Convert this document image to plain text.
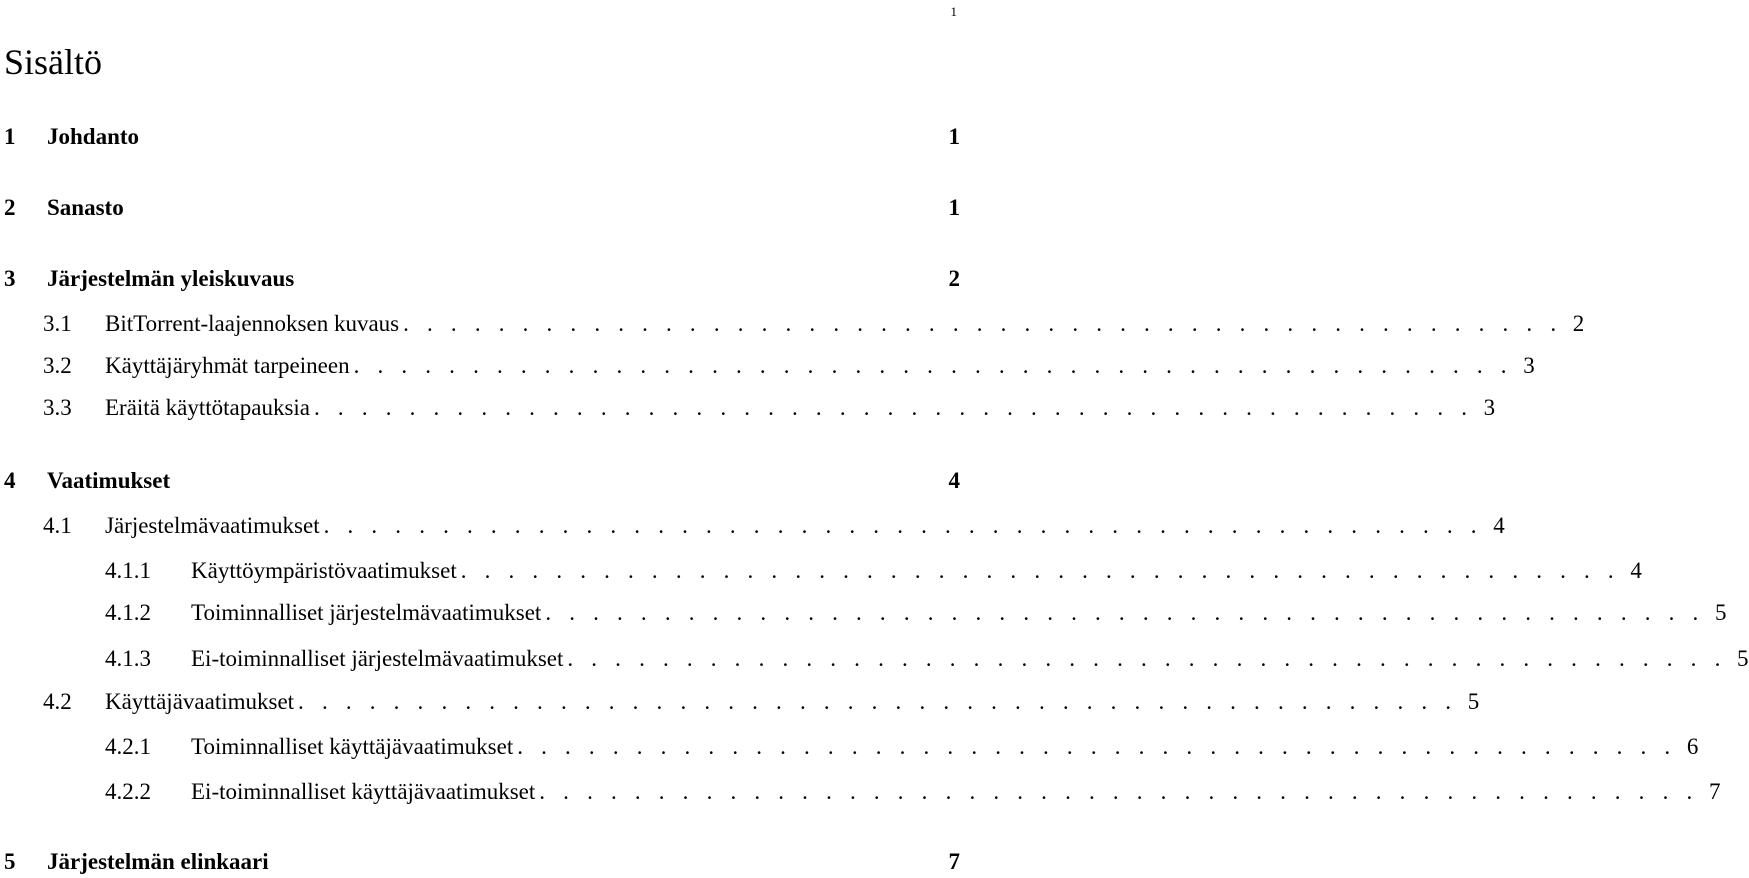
1
Sisältö
1	Johdanto	1
2	Sanasto	1
3	Järjestelmän yleiskuvaus	2
3.1	BitTorrent-laajennoksen kuvaus . . . . . . . . . . . . . . . . . . . . . . . . . . . . . . . . . . . . . . . . . . . . . . . . . 2
3.2	Käyttäjäryhmät tarpeineen . . . . . . . . . . . . . . . . . . . . . . . . . . . . . . . . . . . . . . . . . . . . . . . . . 3
3.3	Eräitä käyttötapauksia . . . . . . . . . . . . . . . . . . . . . . . . . . . . . . . . . . . . . . . . . . . . . . . . . 3
4	Vaatimukset	4
4.1	Järjestelmävaatimukset . . . . . . . . . . . . . . . . . . . . . . . . . . . . . . . . . . . . . . . . . . . . . . . . . 4
4.1.1	Käyttöympäristövaatimukset . . . . . . . . . . . . . . . . . . . . . . . . . . . . . . . . . . . . . . . . . . . . . . . . . 4
4.1.2	Toiminnalliset järjestelmävaatimukset . . . . . . . . . . . . . . . . . . . . . . . . . . . . . . . . . . . . . . . . . . . . . . . . . 5
4.1.3	Ei-toiminnalliset järjestelmävaatimukset . . . . . . . . . . . . . . . . . . . . . . . . . . . . . . . . . . . . . . . . . . . . . . . . . 5
4.2	Käyttäjävaatimukset . . . . . . . . . . . . . . . . . . . . . . . . . . . . . . . . . . . . . . . . . . . . . . . . . 5
4.2.1	Toiminnalliset käyttäjävaatimukset . . . . . . . . . . . . . . . . . . . . . . . . . . . . . . . . . . . . . . . . . . . . . . . . . 6
4.2.2	Ei-toiminnalliset käyttäjävaatimukset . . . . . . . . . . . . . . . . . . . . . . . . . . . . . . . . . . . . . . . . . . . . . . . . . 7
5	Järjestelmän elinkaari	7
